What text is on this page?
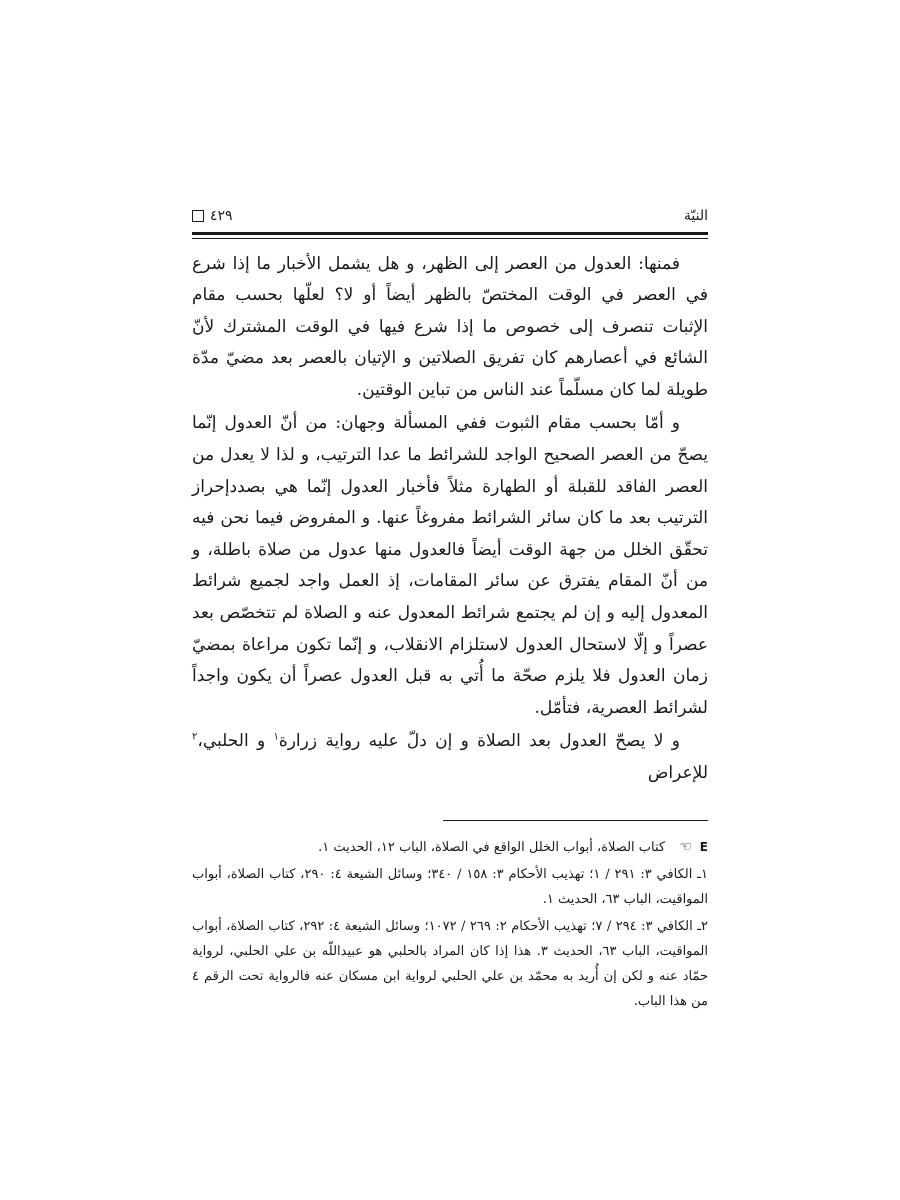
النيّة
٤٢٩

فمنها: العدول من العصر إلى الظهر، و هل يشمل الأخبار ما إذا شرع في العصر في الوقت المختصّ بالظهر أيضاً أو لا؟ لعلّها بحسب مقام الإثبات تنصرف إلى خصوص ما إذا شرع فيها في الوقت المشترك لأنّ الشائع في أعصارهم كان تفريق الصلاتين و الإتيان بالعصر بعد مضيّ مدّة طويلة لما كان مسلّماً عند الناس من تباين الوقتين.

و أمّا بحسب مقام الثبوت ففي المسألة وجهان: من أنّ العدول إنّما يصحّ من العصر الصحيح الواجد للشرائط ما عدا الترتيب، و لذا لا يعدل من العصر الفاقد للقبلة أو الطهارة مثلاً فأخبار العدول إنّما هي بصددإحراز الترتيب بعد ما كان سائر الشرائط مفروغاً عنها. و المفروض فيما نحن فيه تحقّق الخلل من جهة الوقت أيضاً فالعدول منها عدول من صلاة باطلة، و من أنّ المقام يفترق عن سائر المقامات، إذ العمل واجد لجميع شرائط المعدول إليه و إن لم يجتمع شرائط المعدول عنه و الصلاة لم تتخصّص بعد عصراً و إلّا لاستحال العدول لاستلزام الانقلاب، و إنّما تكون مراعاة بمضيّ زمان العدول فلا يلزم صحّة ما أُتي به قبل العدول عصراً أن يكون واجداً لشرائط العصرية، فتأمّل.

و لا يصحّ العدول بعد الصلاة و إن دلّ عليه رواية زرارة$^١$ و الحلبي،$^٢$ للإعراض

E
☜
كتاب الصلاة، أبواب الخلل الواقع في الصلاة، الباب ١٢، الحديث ١.

١ـ الكافي ٣: ٢٩١ / ١؛ تهذيب الأحكام ٣: ١٥٨ / ٣٤٠؛ وسائل الشيعة ٤: ٢٩٠، كتاب الصلاة، أبواب المواقيت، الباب ٦٣، الحديث ١.

٢ـ الكافي ٣: ٢٩٤ / ٧؛ تهذيب الأحكام ٢: ٢٦٩ / ١٠٧٢؛ وسائل الشيعة ٤: ٢٩٢، كتاب الصلاة، أبواب المواقيت، الباب ٦٣، الحديث ٣. هذا إذا كان المراد بالحلبي هو عبيداللّه بن علي الحلبي، لرواية حمّاد عنه و لكن إن أُريد به محمّد بن علي الحلبي لرواية ابن مسكان عنه فالرواية تحت الرقم ٤ من هذا الباب.
